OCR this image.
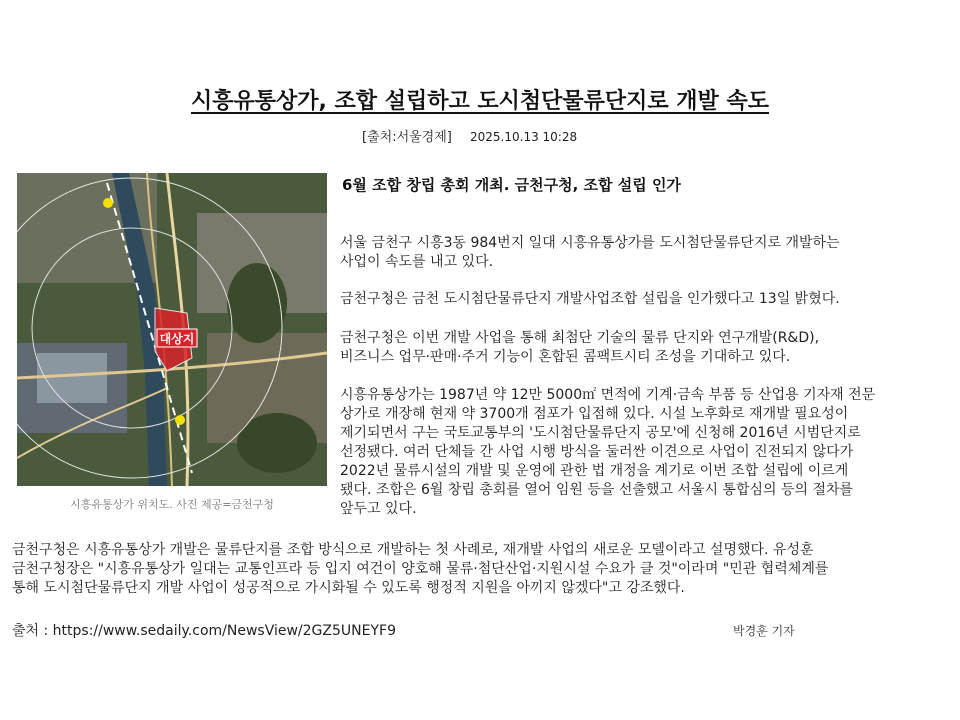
시흥유통상가, 조합 설립하고 도시첨단물류단지로 개발 속도
[출처:서울경제] 2025.10.13 10:28
대상지
시흥유통상가 위치도. 사진 제공=금천구청
6월 조합 창립 총회 개최. 금천구청, 조합 설립 인가
서울 금천구 시흥3동 984번지 일대 시흥유통상가를 도시첨단물류단지로 개발하는
사업이 속도를 내고 있다.
금천구청은 금천 도시첨단물류단지 개발사업조합 설립을 인가했다고 13일 밝혔다.
금천구청은 이번 개발 사업을 통해 최첨단 기술의 물류 단지와 연구개발(R&D),
비즈니스 업무·판매·주거 기능이 혼합된 콤팩트시티 조성을 기대하고 있다.
시흥유통상가는 1987년 약 12만 5000㎡ 면적에 기계·금속 부품 등 산업용 기자재 전문
상가로 개장해 현재 약 3700개 점포가 입점해 있다. 시설 노후화로 재개발 필요성이
제기되면서 구는 국토교통부의 '도시첨단물류단지 공모'에 신청해 2016년 시범단지로
선정됐다. 여러 단체들 간 사업 시행 방식을 둘러싼 이견으로 사업이 진전되지 않다가
2022년 물류시설의 개발 및 운영에 관한 법 개정을 계기로 이번 조합 설립에 이르게
됐다. 조합은 6월 창립 총회를 열어 임원 등을 선출했고 서울시 통합심의 등의 절차를
앞두고 있다.
금천구청은 시흥유통상가 개발은 물류단지를 조합 방식으로 개발하는 첫 사례로, 재개발 사업의 새로운 모델이라고 설명했다. 유성훈
금천구청장은 "시흥유통상가 일대는 교통인프라 등 입지 여건이 양호해 물류·첨단산업·지원시설 수요가 클 것"이라며 "민관 협력체계를
통해 도시첨단물류단지 개발 사업이 성공적으로 가시화될 수 있도록 행정적 지원을 아끼지 않겠다"고 강조했다.
출처 : https://www.sedaily.com/NewsView/2GZ5UNEYF9	박경훈 기자
